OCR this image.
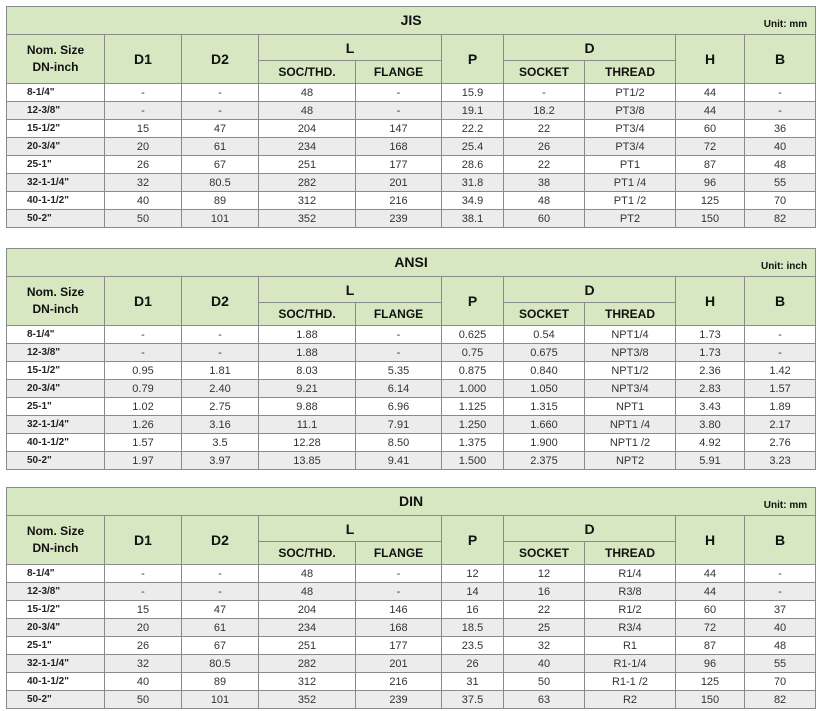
JIS Unit: mm									

Nom. Size
DN-inch	D1	D2	L		P	D		H	B
			SOC/THD.	FLANGE		SOCKET	THREAD		
8-1/4"	-	-	48	-	15.9	-	PT1/2	44	-
12-3/8"	-	-	48	-	19.1	18.2	PT3/8	44	-
15-1/2"	15	47	204	147	22.2	22	PT3/4	60	36
20-3/4"	20	61	234	168	25.4	26	PT3/4	72	40
25-1"	26	67	251	177	28.6	22	PT1	87	48
32-1-1/4"	32	80.5	282	201	31.8	38	PT1 /4	96	55
40-1-1/2"	40	89	312	216	34.9	48	PT1 /2	125	70
50-2"	50	101	352	239	38.1	60	PT2	150	82
ANSI Unit: inch									

Nom. Size
DN-inch	D1	D2	L		P	D		H	B
			SOC/THD.	FLANGE		SOCKET	THREAD		
8-1/4"	-	-	1.88	-	0.625	0.54	NPT1/4	1.73	-
12-3/8"	-	-	1.88	-	0.75	0.675	NPT3/8	1.73	-
15-1/2"	0.95	1.81	8.03	5.35	0.875	0.840	NPT1/2	2.36	1.42
20-3/4"	0.79	2.40	9.21	6.14	1.000	1.050	NPT3/4	2.83	1.57
25-1"	1.02	2.75	9.88	6.96	1.125	1.315	NPT1	3.43	1.89
32-1-1/4"	1.26	3.16	11.1	7.91	1.250	1.660	NPT1 /4	3.80	2.17
40-1-1/2"	1.57	3.5	12.28	8.50	1.375	1.900	NPT1 /2	4.92	2.76
50-2"	1.97	3.97	13.85	9.41	1.500	2.375	NPT2	5.91	3.23
DIN Unit: mm									

Nom. Size
DN-inch	D1	D2	L		P	D		H	B
			SOC/THD.	FLANGE		SOCKET	THREAD		
8-1/4"	-	-	48	-	12	12	R1/4	44	-
12-3/8"	-	-	48	-	14	16	R3/8	44	-
15-1/2"	15	47	204	146	16	22	R1/2	60	37
20-3/4"	20	61	234	168	18.5	25	R3/4	72	40
25-1"	26	67	251	177	23.5	32	R1	87	48
32-1-1/4"	32	80.5	282	201	26	40	R1-1/4	96	55
40-1-1/2"	40	89	312	216	31	50	R1-1 /2	125	70
50-2"	50	101	352	239	37.5	63	R2	150	82
